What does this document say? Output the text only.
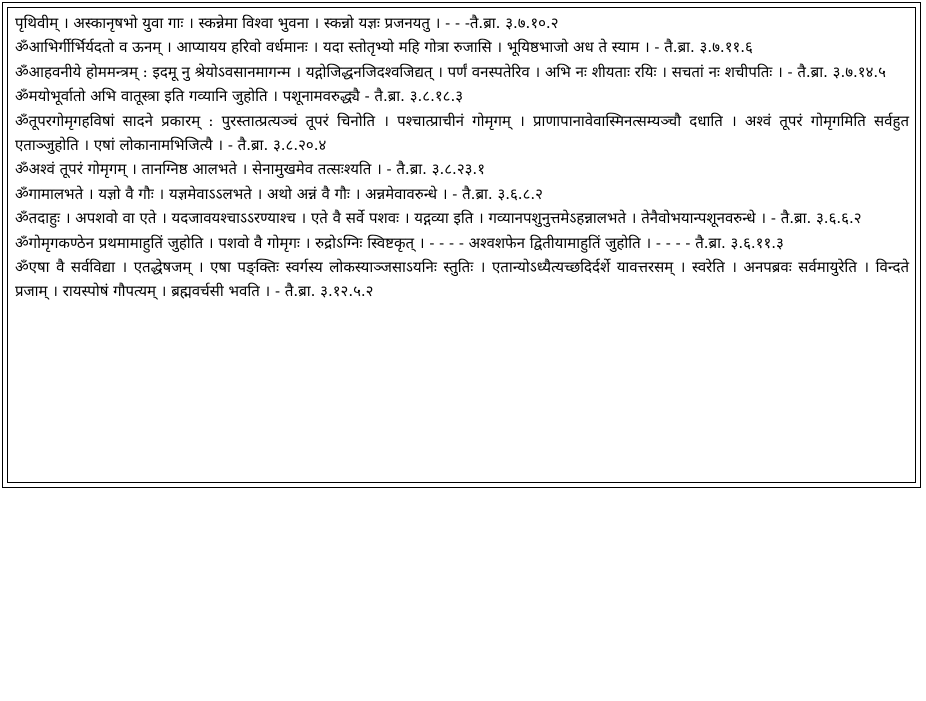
पृथिवीम् । अस्कानृषभो युवा गाः । स्कन्नेमा विश्वा भुवना । स्कन्नो यज्ञः प्रजनयतु । - - -तै.ब्रा. ३.७.१०.२

ॐआभिर्गीर्भिर्यदतो व ऊनम् । आप्यायय हरिवो वर्धमानः । यदा स्तोतृभ्यो महि गोत्रा रुजासि । भूयिष्ठभाजो अध ते स्याम । - तै.ब्रा. ३.७.११.६

ॐआहवनीये होममन्त्रम् : इदमू नु श्रेयोऽवसानमागन्म । यद्गोजिद्धनजिदश्वजिद्यत् । पर्णं वनस्पतेरिव । अभि नः शीयताः रयिः । सचतां नः शचीपतिः । - तै.ब्रा. ३.७.१४.५

ॐमयोभूर्वातो अभि वातूस्त्रा इति गव्यानि जुहोति । पशूनामवरुद्ध्यै - तै.ब्रा. ३.८.१८.३

ॐतूपरगोमृगहविषां सादने प्रकारम् : पुरस्तात्प्रत्यञ्चं तूपरं चिनोति । पश्चात्प्राचीनं गोमृगम् । प्राणापानावेवास्मिनत्सम्यञ्चौ दधाति । अश्वं तूपरं गोमृगमिति सर्वहुत एताञ्जुहोति । एषां लोकानामभिजित्यै । - तै.ब्रा. ३.८.२०.४

ॐअश्वं तूपरं गोमृगम् । तानग्निष्ठ आलभते । सेनामुखमेव तत्सःश्यति । - तै.ब्रा. ३.८.२३.१

ॐगामालभते । यज्ञो वै गौः । यज्ञमेवाऽऽलभते । अथो अन्नं वै गौः । अन्नमेवावरुन्धे । - तै.ब्रा. ३.६.८.२

ॐतदाहुः । अपशवो वा एते । यदजावयश्चाऽऽरण्याश्च । एते वै सर्वे पशवः । यद्गव्या इति । गव्यानपशुनुत्तमेऽहन्नालभते । तेनैवोभयान्पशूनवरुन्धे । - तै.ब्रा. ३.६.६.२

ॐगोमृगकण्ठेन प्रथमामाहुतिं जुहोति । पशवो वै गोमृगः । रुद्रोऽग्निः स्विष्टकृत् । - - - - अश्वशफेन द्वितीयामाहुतिं जुहोति । - - - - तै.ब्रा. ३.६.११.३

ॐएषा वै सर्वविद्या । एतद्धेषजम् । एषा पङ्क्तिः स्वर्गस्य लोकस्याञ्जसाऽयनिः स्तुतिः । एतान्योऽध्यैत्यच्छदिर्दर्शे यावत्तरसम् । स्वरेति । अनपब्रवः सर्वमायुरेति । विन्दते प्रजाम् । रायस्पोषं गौपत्यम् । ब्रह्मवर्चसी भवति । - तै.ब्रा. ३.१२.५.२
